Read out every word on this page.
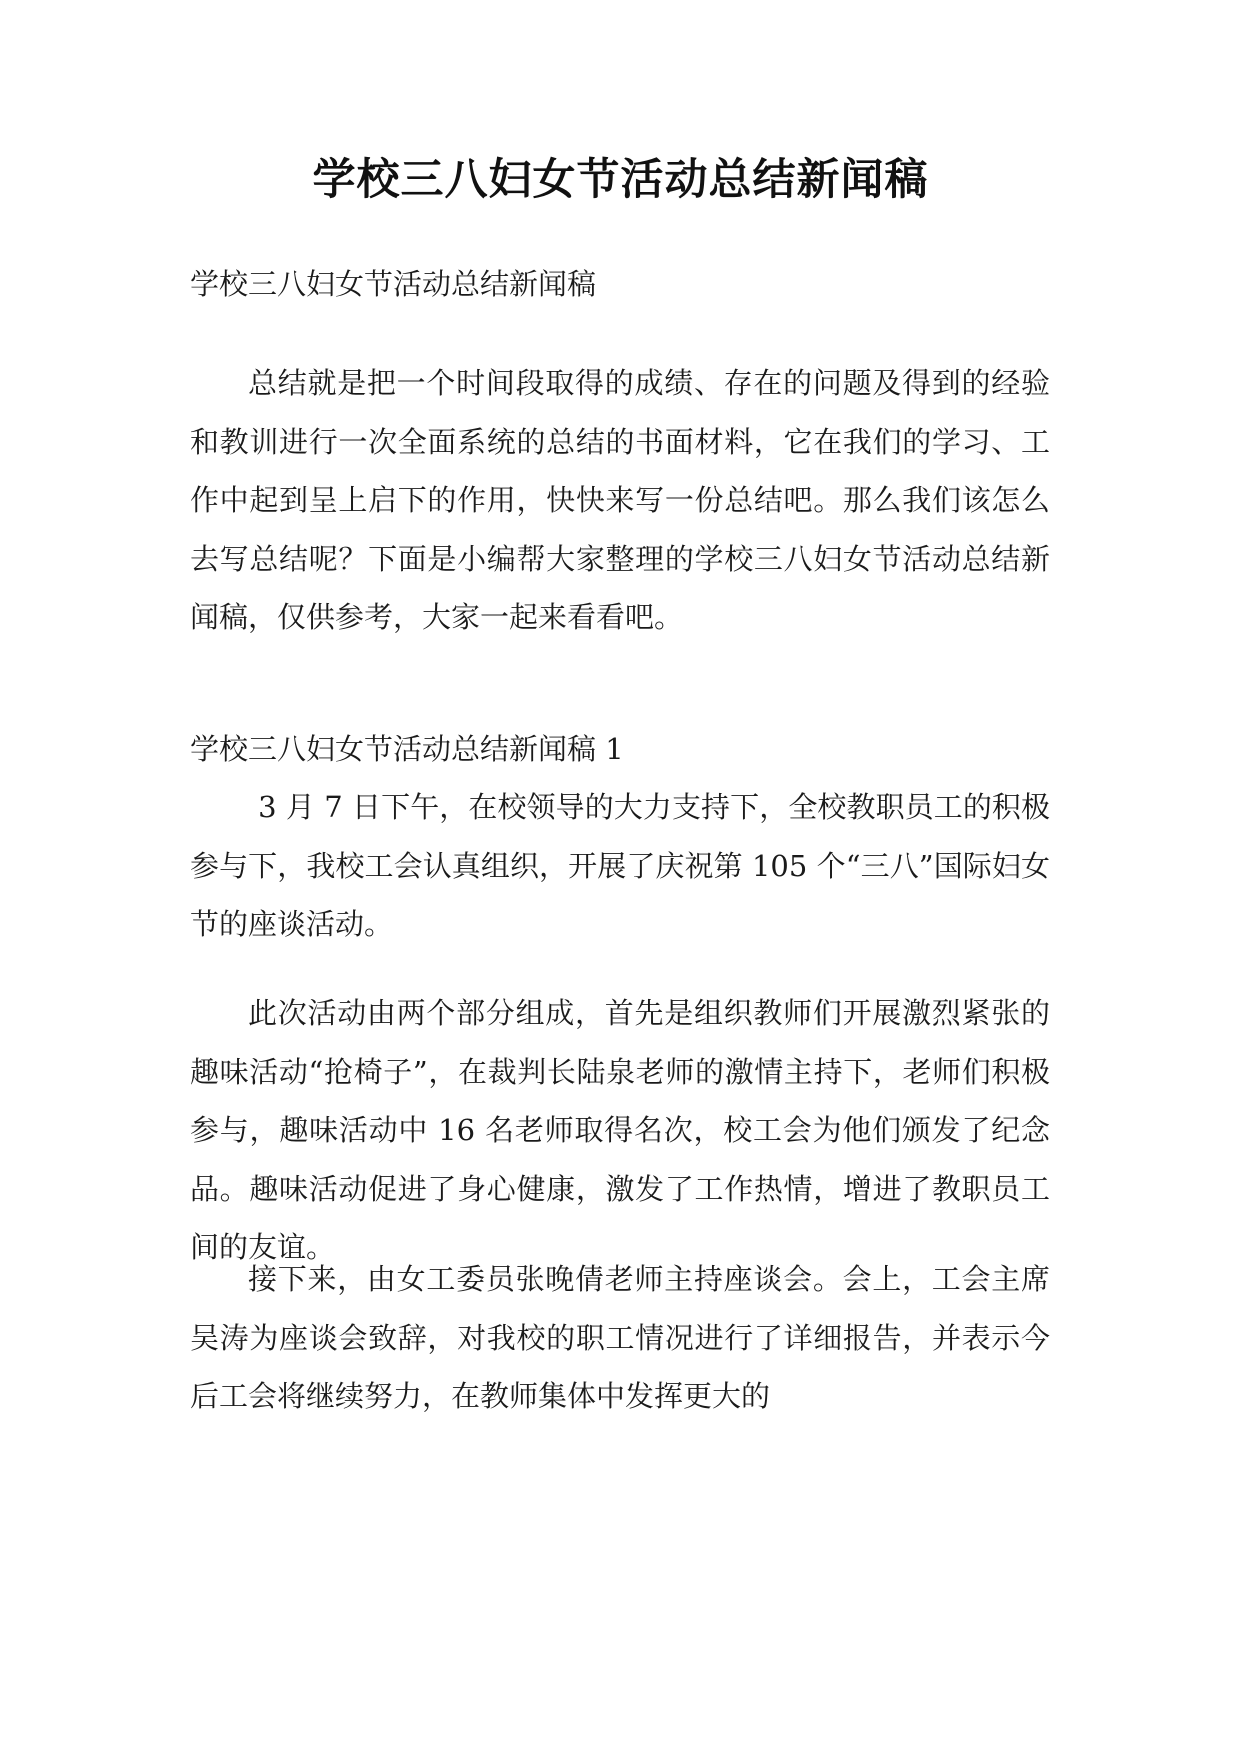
学校三八妇女节活动总结新闻稿

学校三八妇女节活动总结新闻稿

总结就是把一个时间段取得的成绩、存在的问题及得到的经验和教训进行一次全面系统的总结的书面材料，它在我们的学习、工作中起到呈上启下的作用，快快来写一份总结吧。那么我们该怎么去写总结呢？下面是小编帮大家整理的学校三八妇女节活动总结新闻稿，仅供参考，大家一起来看看吧。

学校三八妇女节活动总结新闻稿 1

3 月 7 日下午，在校领导的大力支持下，全校教职员工的积极参与下，我校工会认真组织，开展了庆祝第 105 个“三八”国际妇女节的座谈活动。

此次活动由两个部分组成，首先是组织教师们开展激烈紧张的趣味活动“抢椅子”，在裁判长陆泉老师的激情主持下，老师们积极参与，趣味活动中 16 名老师取得名次，校工会为他们颁发了纪念品。趣味活动促进了身心健康，激发了工作热情，增进了教职员工间的友谊。

接下来，由女工委员张晚倩老师主持座谈会。会上，工会主席吴涛为座谈会致辞，对我校的职工情况进行了详细报告，并表示今后工会将继续努力，在教师集体中发挥更大的
